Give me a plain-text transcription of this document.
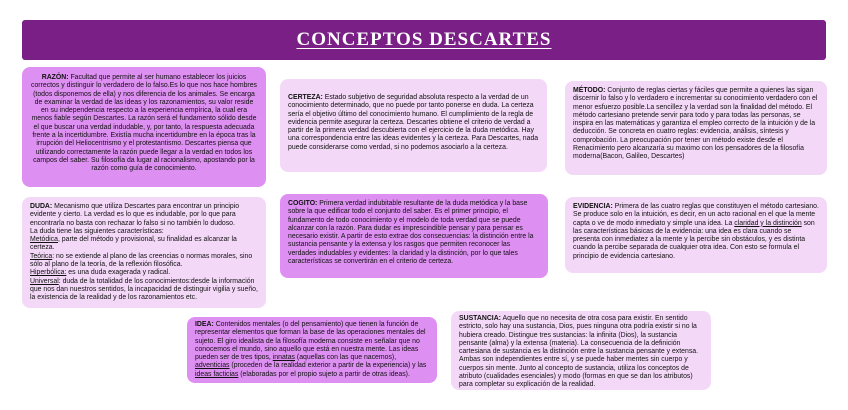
CONCEPTOS DESCARTES
RAZÓN: Facultad que permite al ser humano establecer los juicios correctos y distinguir lo verdadero de lo falso.Es lo que nos hace hombres (todos disponemos de ella) y nos diferencia de los animales. Se encarga de examinar la verdad de las ideas y los razonamientos, su valor reside en su independencia respecto a la experiencia empírica, la cual era menos fiable según Descartes. La razón será el fundamento sólido desde el que buscar una verdad indudable, y, por tanto, la respuesta adecuada frente a la incertidumbre. Existía mucha incertidumbre en la época tras la irrupción del Heliocentrismo y el protestantismo. Descartes piensa que utilizando correctamente la razón puede llegar a la verdad en todos los campos del saber. Su filosofía da lugar al racionalismo, apostando por la razón como guía de conocimiento.
CERTEZA: Estado subjetivo de seguridad absoluta respecto a la verdad de un conocimiento determinado, que no puede por tanto ponerse en duda. La certeza sería el objetivo último del conocimiento humano. El cumplimiento de la regla de evidencia permite asegurar la certeza. Descartes obtiene el criterio de verdad a partir de la primera verdad descubierta con el ejercicio de la duda metódica. Hay una correspondencia entre las ideas evidentes y la certeza. Para Descartes, nada puede considerarse como verdad, si no podemos asociarlo a la certeza.
MÉTODO: Conjunto de reglas ciertas y fáciles que permite a quienes las sigan discernir lo falso y lo verdadero e incrementar su conocimiento verdadero con el menor esfuerzo posible.La sencillez y la verdad son la finalidad del método. El método cartesiano pretende servir para todo y para todas las personas, se inspira en las matemáticas y garantiza el empleo correcto de la intuición y de la deducción. Se concreta en cuatro reglas: evidencia, análisis, síntesis y comprobación. La preocupación por tener un método existe desde el Renacimiento pero alcanzaría su maximo con los pensadores de la filosofía moderna(Bacon, Galileo, Descartes)
DUDA: Mecanismo que utiliza Descartes para encontrar un principio evidente y cierto. La verdad es lo que es indudable, por lo que para encontrarla no basta con rechazar lo falso si no también lo dudoso.
La duda tiene las siguientes características:
Metódica, parte del método y provisional, su finalidad es alcanzar la certeza.
Teórica: no se extiende al plano de las creencias o normas morales, sino sólo al plano de la teoría, de la reflexión filosófica.
Hiperbólica: es una duda exagerada y radical.
Universal: duda de la totalidad de los conocimientos:desde la información que nos dan nuestros sentidos, la incapacidad de distinguir vigilia y sueño, la existencia de la realidad y de los razonamientos etc.
COGITO: Primera verdad indubitable resultante de la duda metódica y la base sobre la que edificar todo el conjunto del saber. Es el primer principio, el fundamento de todo conocimiento y el modelo de toda verdad que se puede alcanzar con la razón. Para dudar es imprescindible pensar y para pensar es necesario existir. A partir de esto extrae dos consecuencias: la distinción entre la sustancia pensante y la extensa y los rasgos que permiten reconocer las verdades indudables y evidentes: la claridad y la distinción, por lo que tales características se convertirán en el criterio de certeza.
EVIDENCIA: Primera de las cuatro reglas que constituyen el método cartesiano. Se produce solo en la intuición, es decir, en un acto racional en el que la mente capta o ve de modo inmediato y simple una idea. La claridad y la distinción son las características básicas de la evidencia: una idea es clara cuando se presenta con inmediatez a la mente y la percibe sin obstáculos, y es distinta cuando la percibe separada de cualquier otra idea. Con esto se formula el principio de evidencia cartesiano.
IDEA: Contenidos mentales (o del pensamiento) que tienen la función de representar elementos que forman la base de las operaciones mentales del sujeto. El giro idealista de la filosofía moderna consiste en señalar que no conocemos el mundo, sino aquello que está en nuestra mente. Las ideas pueden ser de tres tipos, innatas (aquellas con las que nacemos), adventicias (proceden de la realidad exterior a partir de la experiencia) y las ideas facticias (elaboradas por el propio sujeto a partir de otras ideas).
SUSTANCIA: Aquello que no necesita de otra cosa para existir. En sentido estricto, solo hay una sustancia, Dios, pues ninguna otra podría existir si no la hubiera creado. Distingue tres sustancias: la infinita (Dios), la sustancia pensante (alma) y la extensa (materia). La consecuencia de la definición cartesiana de sustancia es la distinción entre la sustancia pensante y extensa. Ambas son independientes entre sí, y se puede haber mentes sin cuerpo y cuerpos sin mente. Junto al concepto de sustancia, utiliza los conceptos de atributo (cualidades esenciales) y modo (formas en que se dan los atributos) para completar su explicación de la realidad.
